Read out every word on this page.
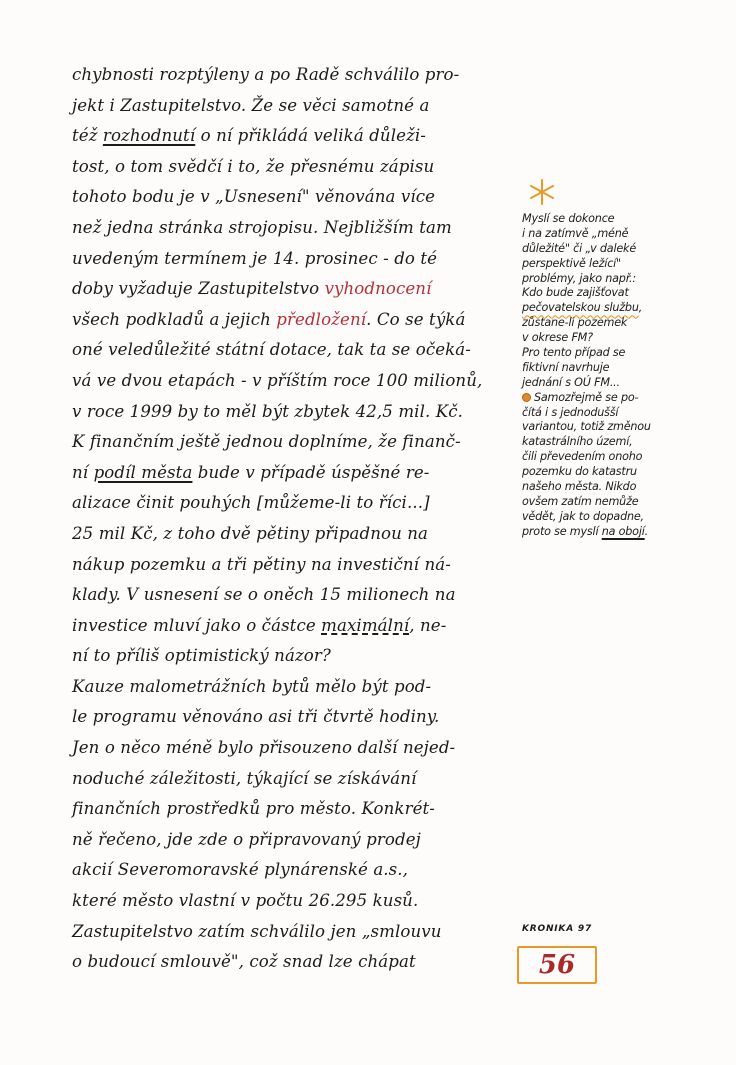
chybnosti rozptýleny a po Radě schválilo pro-
jekt i Zastupitelstvo. Že se věci samotné a
též rozhodnutí o ní přikládá veliká důleži-
tost, o tom svědčí i to, že přesnému zápisu
tohoto bodu je v „Usnesení" věnována více
než jedna stránka strojopisu. Nejbližším tam
uvedeným termínem je 14. prosinec - do té
doby vyžaduje Zastupitelstvo vyhodnocení
všech podkladů a jejich předložení. Co se týká
oné veledůležité státní dotace, tak ta se očeká-
vá ve dvou etapách - v příštím roce 100 milionů,
v roce 1999 by to měl být zbytek 42,5 mil. Kč.
K finančním ještě jednou doplníme, že finanč-
ní podíl města bude v případě úspěšné re-
alizace činit pouhých [můžeme-li to říci...]
25 mil Kč, z toho dvě pětiny připadnou na
nákup pozemku a tři pětiny na investiční ná-
klady. V usnesení se o oněch 15 milionech na
investice mluví jako o částce maximální, ne-
ní to příliš optimistický názor?
Kauze malometrážních bytů mělo být pod-
le programu věnováno asi tři čtvrtě hodiny.
Jen o něco méně bylo přisouzeno další nejed-
noduché záležitosti, týkající se získávání
finančních prostředků pro město. Konkrét-
ně řečeno, jde zde o připravovaný prodej
akcií Severomoravské plynárenské a.s.,
které město vlastní v počtu 26.295 kusů.
Zastupitelstvo zatím schválilo jen „smlouvu
o budoucí smlouvě", což snad lze chápat
Myslí se dokonce
i na zatímvě „méně
důležité" či „v daleké
perspektivě ležící"
problémy, jako např.:
Kdo bude zajišťovat
pečovatelskou službu,
zůstane-li pozemek
v okrese FM?
Pro tento případ se
fiktivní navrhuje
jednání s OÚ FM...
Samozřejmě se po-
čítá i s jednodušší
variantou, totiž změnou
katastrálního území,
čili převedením onoho
pozemku do katastru
našeho města. Nikdo
ovšem zatím nemůže
vědět, jak to dopadne,
proto se myslí na obojí.
KRONIKA 97
56
